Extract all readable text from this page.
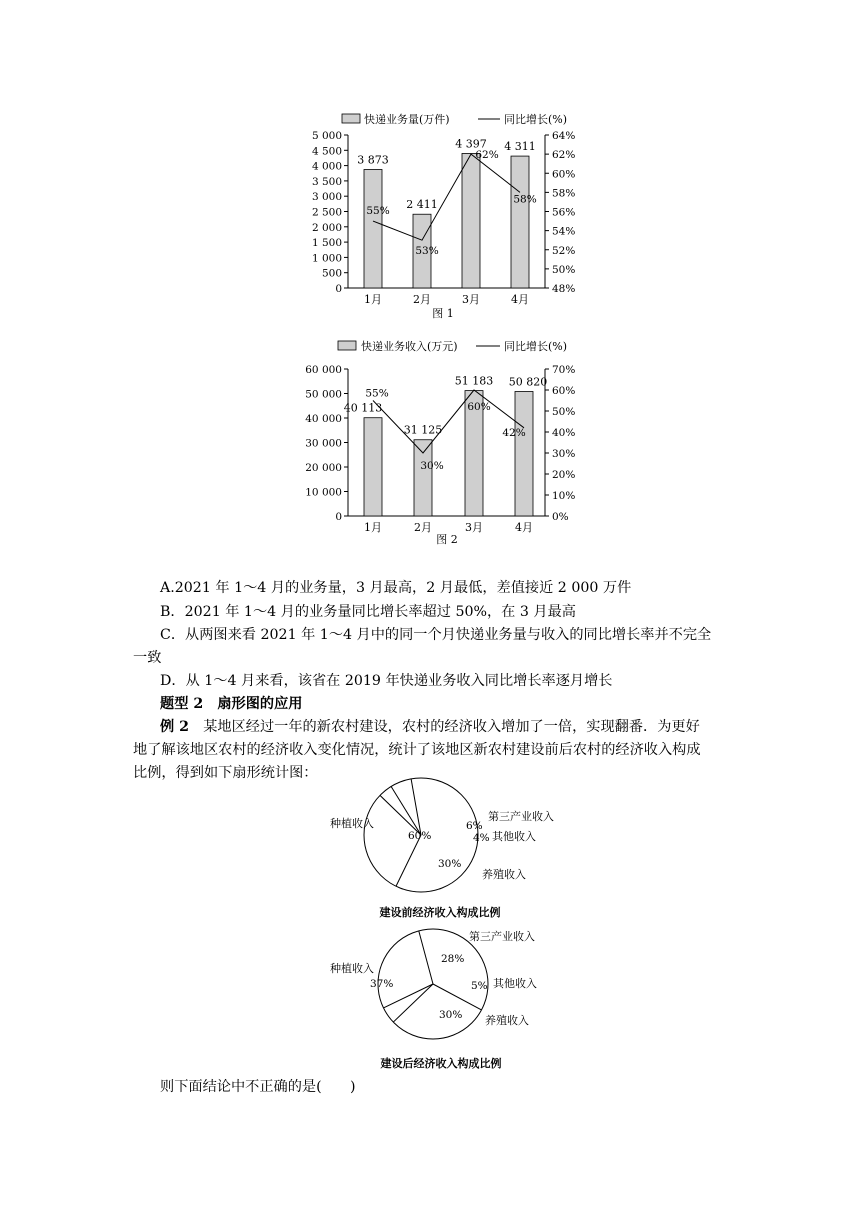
快递业务量(万件)	同比增长(%)
0
500
1 000
1 500
2 000
2 500
3 000
3 500
4 000
4 500
5 000
48%
50%
52%
54%
56%
58%
60%
62%
64%
3 873
55% 2 411
53%
4 397
62%
4 311
58%
1月	2月	3月	4月
图 1
快递业务收入(万元)	同比增长(%)
0
10 000
20 000
30 000
40 000
50 000
60 000
0%
10%
20%
30%
40%
50%
60%
70%
40 113
55%
31 125
30%
51 183
60%
50 820
42%
1月	2月	3月	4月
图 2
A.2021 年 1～4 月的业务量，3 月最高，2 月最低，差值接近 2 000 万件
B．2021 年 1～4 月的业务量同比增长率超过 50%，在 3 月最高
C．从两图来看 2021 年 1～4 月中的同一个月快递业务量与收入的同比增长率并不完全
一致
D．从 1～4 月来看，该省在 2019 年快递业务收入同比增长率逐月增长
题型 2　扇形图的应用
例 2　 某地区经过一年的新农村建设，农村的经济收入增加了一倍，实现翻番．为更好
地了解该地区农村的经济收入变化情况，统计了该地区新农村建设前后农村的经济收入构成
比例，得到如下扇形统计图：
种植收入
第三产业收入
其他收入
养殖收入
60%
6%
4%
30%
建设前经济收入构成比例
种植收入
第三产业收入
其他收入
养殖收入
37%
28%
5%
30%
建设后经济收入构成比例
则下面结论中不正确的是(　　)
